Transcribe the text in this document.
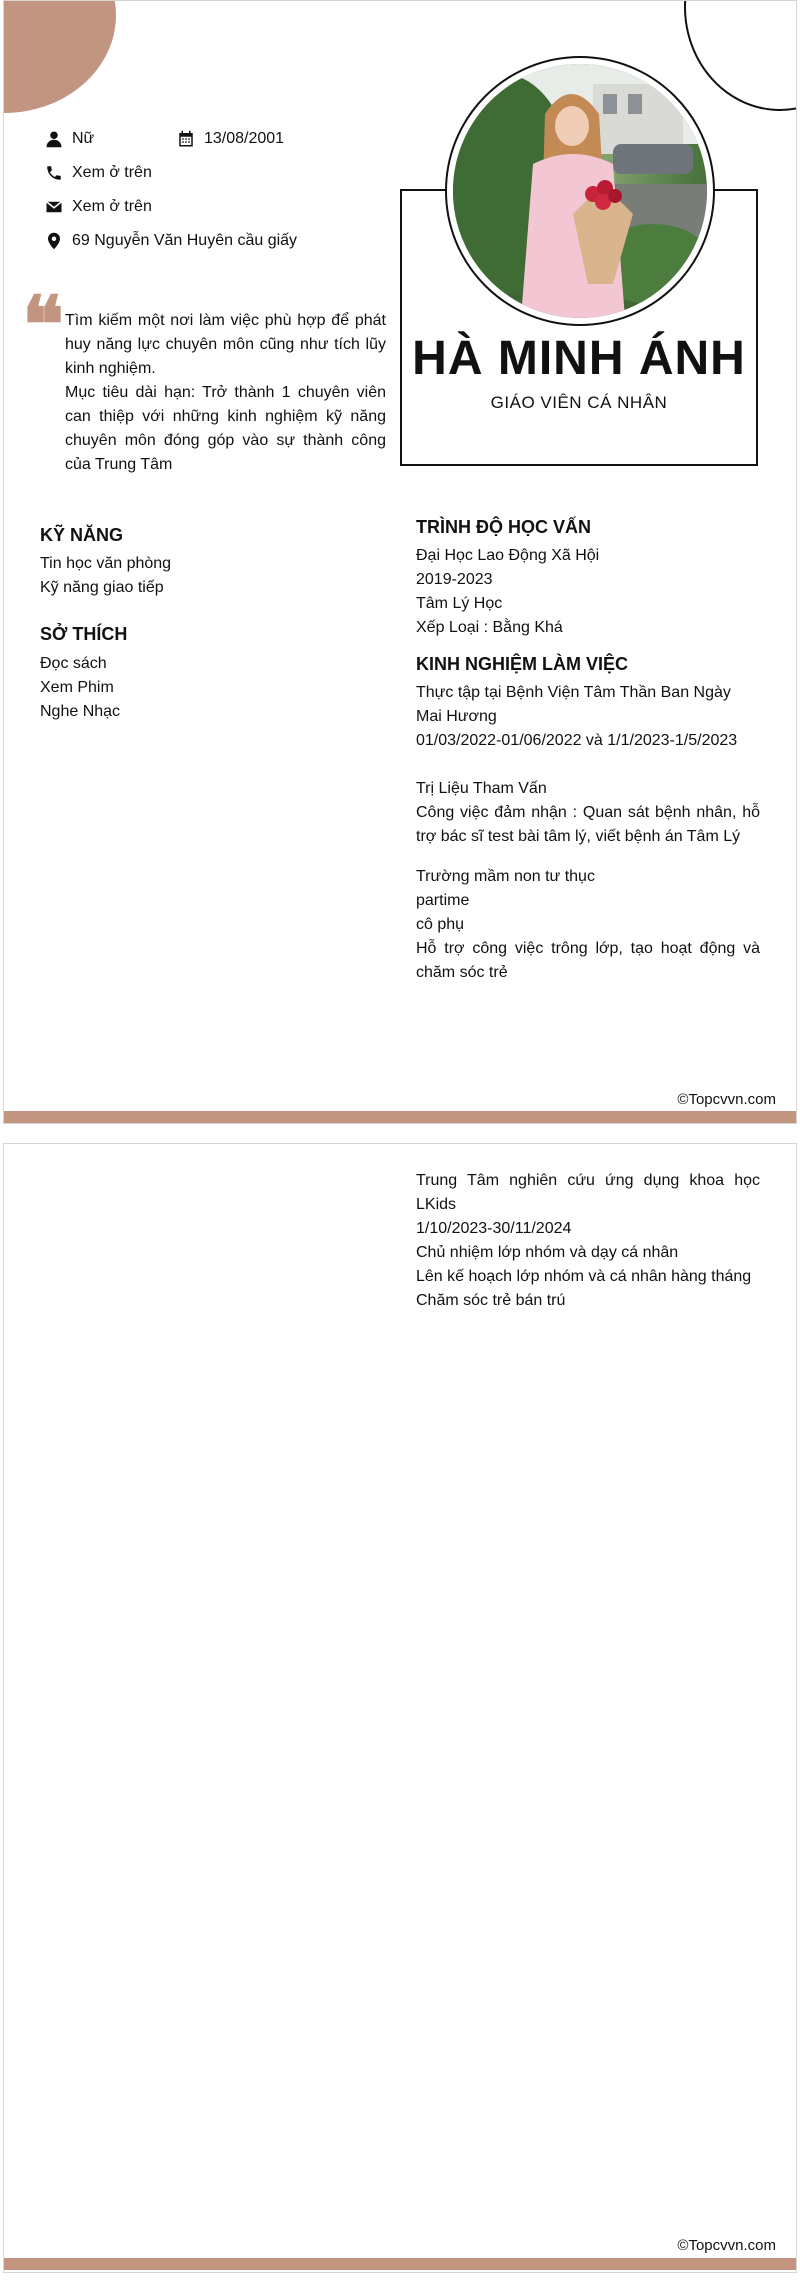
Nữ	13/08/2001
Xem ở trên
Xem ở trên
69 Nguyễn Văn Huyên cầu giấy
❝ Tìm kiếm một nơi làm việc phù hợp để phát huy năng lực chuyên môn cũng như tích lũy kinh nghiệm.

Mục tiêu dài hạn: Trở thành 1 chuyên viên can thiệp với những kinh nghiệm kỹ năng chuyên môn đóng góp vào sự thành công của Trung Tâm

HÀ MINH ÁNH
GIÁO VIÊN CÁ NHÂN
KỸ NĂNG
Tin học văn phòng
Kỹ năng giao tiếp
SỞ THÍCH
Đọc sách
Xem Phim
Nghe Nhạc
TRÌNH ĐỘ HỌC VẤN
Đại Học Lao Động Xã Hội
2019-2023
Tâm Lý Học
Xếp Loại : Bằng Khá
KINH NGHIỆM LÀM VIỆC
Thực tập tại Bệnh Viện Tâm Thần Ban Ngày Mai Hương
01/03/2022-01/06/2022 và 1/1/2023-1/5/2023
Trị Liệu Tham Vấn
Công việc đảm nhận : Quan sát bệnh nhân, hỗ trợ bác sĩ test bài tâm lý, viết bệnh án Tâm Lý
Trường mầm non tư thục
partime
cô phụ
Hỗ trợ công việc trông lớp, tạo hoạt động và chăm sóc trẻ
©Topcvvn.com
Trung Tâm nghiên cứu ứng dụng khoa học LKids
1/10/2023-30/11/2024
Chủ nhiệm lớp nhóm và dạy cá nhân
Lên kế hoạch lớp nhóm và cá nhân hàng tháng
Chăm sóc trẻ bán trú
©Topcvvn.com
